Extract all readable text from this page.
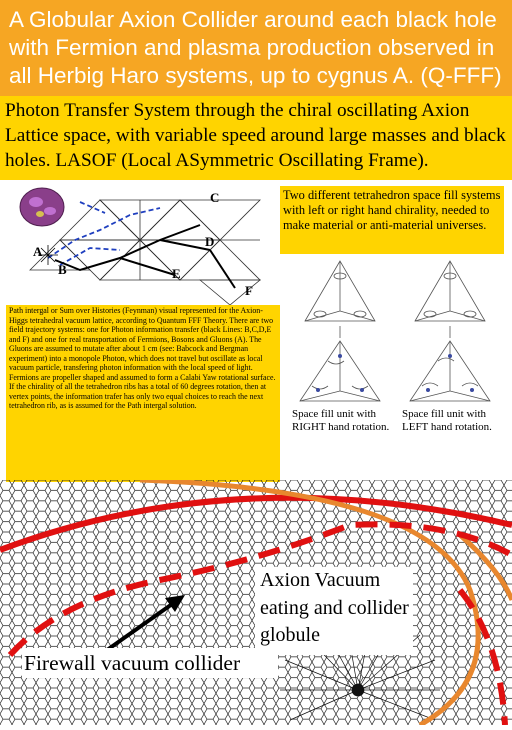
A Globular Axion Collider around each black hole with Fermion and plasma production observed in all Herbig Haro systems, up to cygnus A. (Q-FFF)
Photon Transfer System through the chiral oscillating Axion Lattice space, with variable speed around large masses and black holes. LASOF (Local ASymmetric Oscillating Frame).
A
B
C
D
E
F
Two different tetrahedron space fill systems with left or right hand chirality, needed to make material or anti-material universes.
Space fill unit with RIGHT hand rotation.
Space fill unit with LEFT hand rotation.
Path intergal or Sum over Histories (Feynman) visual represented for the Axion-Higgs tetrahedral vacuum lattice, according to Quantum FFF Theory. There are two field trajectory systems: one for Photon information transfer (black Lines: B,C,D,E and F) and one for real transportation of Fermions, Bosons and Gluons (A). The Gluons are assumed to mutate after about 1 cm (see: Babcock and Bergman experiment) into a monopole Photon, which does not travel but oscillate as local vacuum particle, transfering photon information with the local speed of light. Fermions are propeller shaped and assumed to form a Calabi Yaw rotational surface. If the chirality of all the tetrahedron ribs has a total of 60 degrees rotation, then at vertex points, the information trafer has only two equal choices to reach the next tetrahedron rib, as is assumed for the Path intergal solution.
Axion Vacuum eating and collider globule
Firewall vacuum collider
